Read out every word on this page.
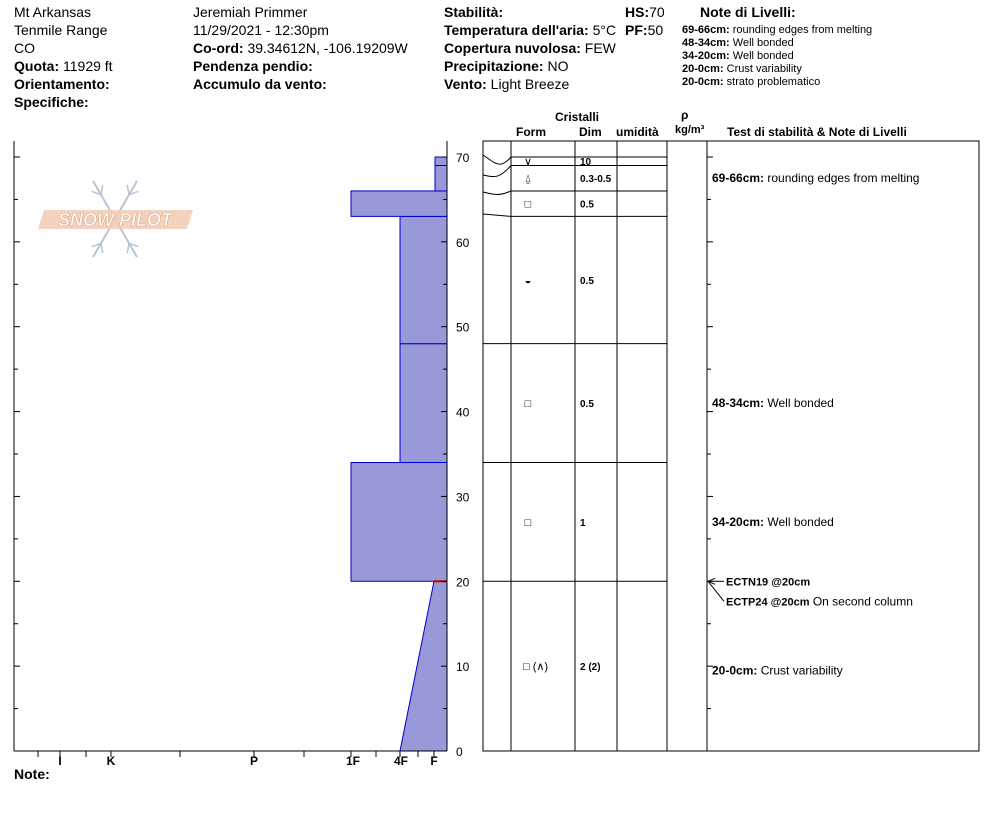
Mt Arkansas
Tenmile Range
CO
Quota: 11929 ft
Orientamento:
Specifiche:
Jeremiah Primmer
11/29/2021 - 12:30pm
Co-ord: 39.34612N, -106.19209W
Pendenza pendio:
Accumulo da vento:
Stabilità:
Temperatura dell'aria: 5°C
Copertura nuvolosa: FEW
Precipitazione: NO
Vento: Light Breeze
HS:70
PF:50
Note di Livelli:
69-66cm: rounding edges from melting
48-34cm: Well bonded
34-20cm: Well bonded
20-0cm: Crust variability
20-0cm: strato problematico
Cristalli
Form	Dim umidità
ρ
kg/m³ Test di stabilità & Note di Livelli
SNOW PILOT
0
10
20
30
40
50
60
70
I	K	P	1F	4F F
∨	10
⍙	0.3-0.5
□	0.5
◒	0.5
□	0.5
□	1
□ (∧)	2 (2)
69-66cm: rounding edges from melting
48-34cm: Well bonded
34-20cm: Well bonded
20-0cm: Crust variability
ECTN19 @20cm
ECTP24 @20cm On second column
Note:
